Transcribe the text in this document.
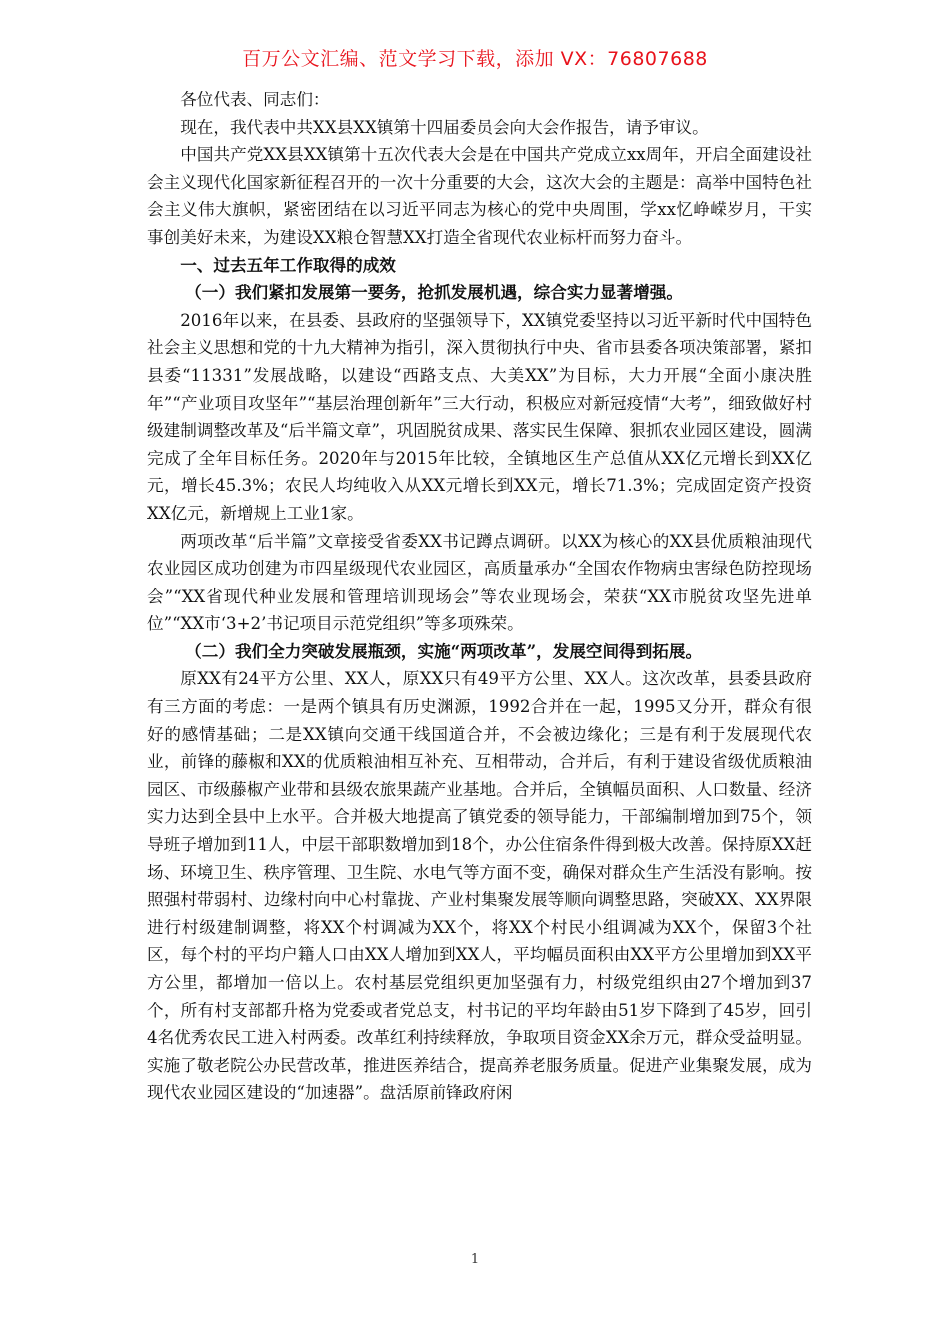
百万公文汇编、范文学习下载，添加 VX：76807688

各位代表、同志们：

现在，我代表中共XX县XX镇第十四届委员会向大会作报告，请予审议。

中国共产党XX县XX镇第十五次代表大会是在中国共产党成立xx周年，开启全面建设社会主义现代化国家新征程召开的一次十分重要的大会，这次大会的主题是：高举中国特色社会主义伟大旗帜，紧密团结在以习近平同志为核心的党中央周围，学xx忆峥嵘岁月，干实事创美好未来，为建设XX粮仓智慧XX打造全省现代农业标杆而努力奋斗。

一、过去五年工作取得的成效

（一）我们紧扣发展第一要务，抢抓发展机遇，综合实力显著增强。

2016年以来，在县委、县政府的坚强领导下，XX镇党委坚持以习近平新时代中国特色社会主义思想和党的十九大精神为指引，深入贯彻执行中央、省市县委各项决策部署，紧扣县委“11331”发展战略，以建设“西路支点、大美XX”为目标，大力开展“全面小康决胜年”“产业项目攻坚年”“基层治理创新年”三大行动，积极应对新冠疫情“大考”，细致做好村级建制调整改革及“后半篇文章”，巩固脱贫成果、落实民生保障、狠抓农业园区建设，圆满完成了全年目标任务。2020年与2015年比较，全镇地区生产总值从XX亿元增长到XX亿元，增长45.3%；农民人均纯收入从XX元增长到XX元，增长71.3%；完成固定资产投资XX亿元，新增规上工业1家。

两项改革“后半篇”文章接受省委XX书记蹲点调研。以XX为核心的XX县优质粮油现代农业园区成功创建为市四星级现代农业园区，高质量承办“全国农作物病虫害绿色防控现场会”“XX省现代种业发展和管理培训现场会”等农业现场会，荣获“XX市脱贫攻坚先进单位”“XX市‘3+2’书记项目示范党组织”等多项殊荣。

（二）我们全力突破发展瓶颈，实施“两项改革”，发展空间得到拓展。

原XX有24平方公里、XX人，原XX只有49平方公里、XX人。这次改革，县委县政府有三方面的考虑：一是两个镇具有历史渊源，1992合并在一起，1995又分开，群众有很好的感情基础；二是XX镇向交通干线国道合并，不会被边缘化；三是有利于发展现代农业，前锋的藤椒和XX的优质粮油相互补充、互相带动，合并后，有利于建设省级优质粮油园区、市级藤椒产业带和县级农旅果蔬产业基地。合并后，全镇幅员面积、人口数量、经济实力达到全县中上水平。合并极大地提高了镇党委的领导能力，干部编制增加到75个，领导班子增加到11人，中层干部职数增加到18个，办公住宿条件得到极大改善。保持原XX赶场、环境卫生、秩序管理、卫生院、水电气等方面不变，确保对群众生产生活没有影响。按照强村带弱村、边缘村向中心村靠拢、产业村集聚发展等顺向调整思路，突破XX、XX界限进行村级建制调整，将XX个村调减为XX个，将XX个村民小组调减为XX个，保留3个社区，每个村的平均户籍人口由XX人增加到XX人，平均幅员面积由XX平方公里增加到XX平方公里，都增加一倍以上。农村基层党组织更加坚强有力，村级党组织由27个增加到37个，所有村支部都升格为党委或者党总支，村书记的平均年龄由51岁下降到了45岁，回引4名优秀农民工进入村两委。改革红利持续释放，争取项目资金XX余万元，群众受益明显。实施了敬老院公办民营改革，推进医养结合，提高养老服务质量。促进产业集聚发展，成为现代农业园区建设的“加速器”。盘活原前锋政府闲

1
